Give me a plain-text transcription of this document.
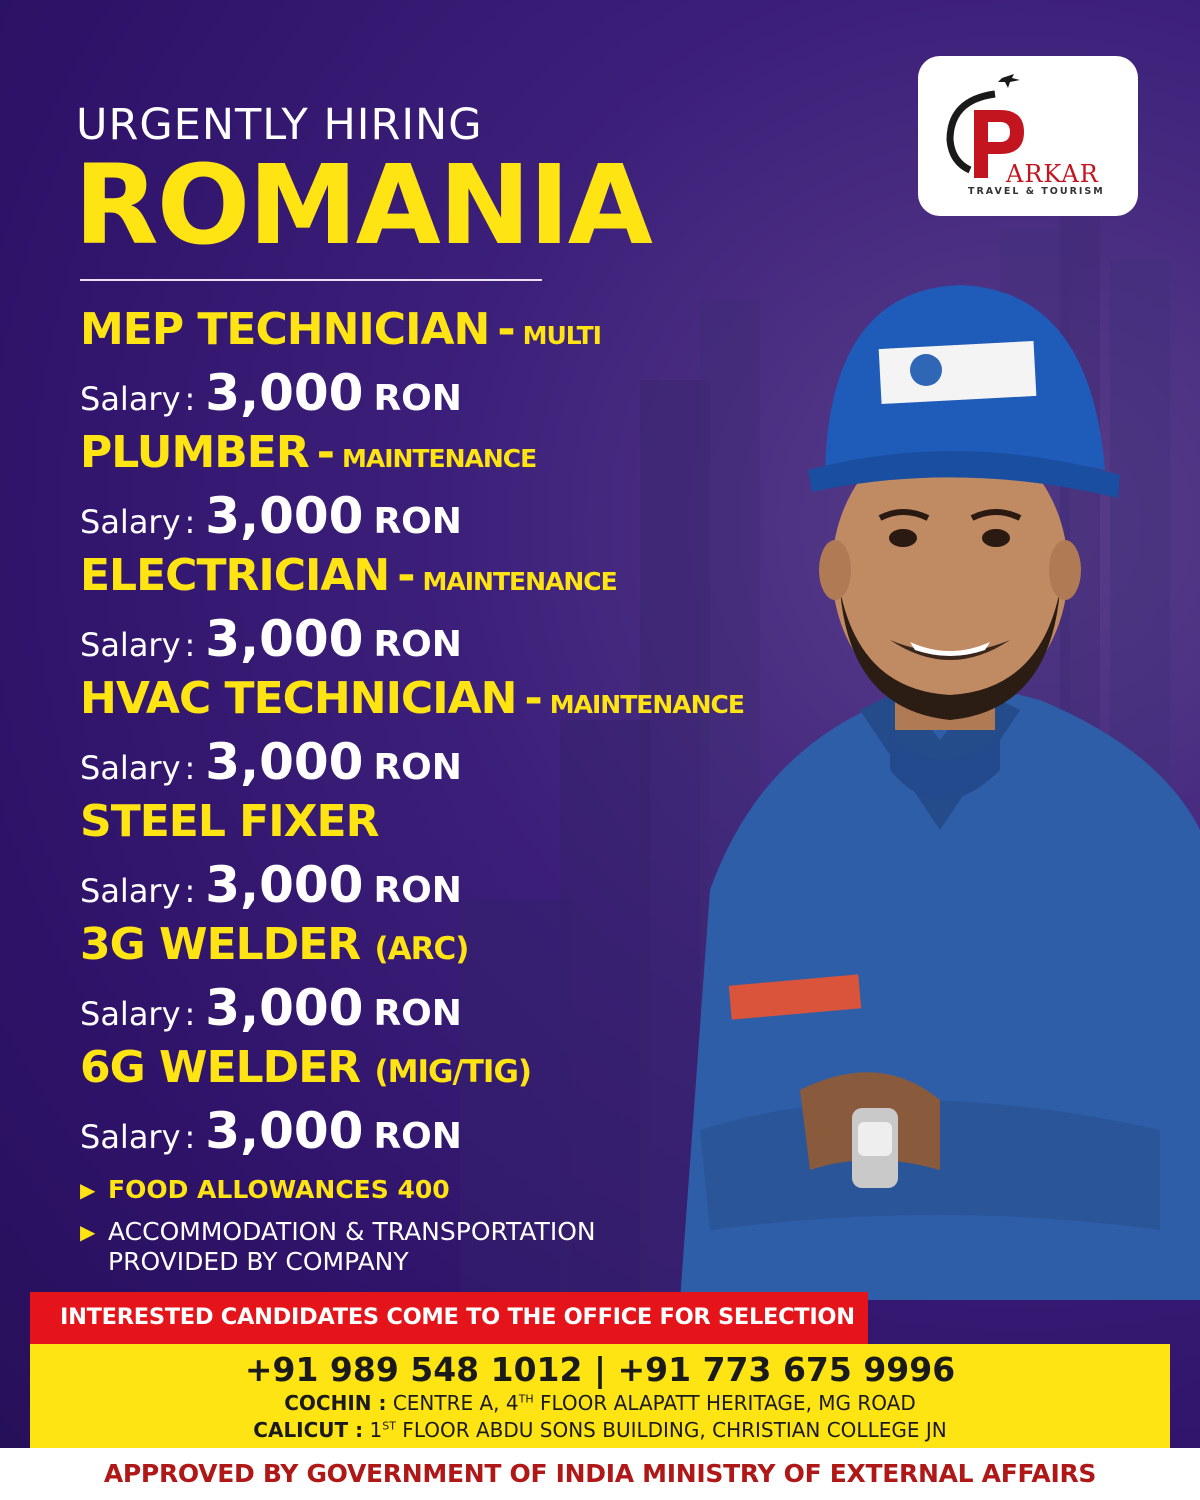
ARKAR
TRAVEL & TOURISM
URGENTLY HIRING
ROMANIA
MEP TECHNICIAN - MULTI
Salary : 3,000 RON
PLUMBER - MAINTENANCE
Salary : 3,000 RON
ELECTRICIAN - MAINTENANCE
Salary : 3,000 RON
HVAC TECHNICIAN - MAINTENANCE
Salary : 3,000 RON
STEEL FIXER
Salary : 3,000 RON
3G WELDER (ARC)
Salary : 3,000 RON
6G WELDER (MIG/TIG)
Salary : 3,000 RON
▶ FOOD ALLOWANCES 400
▶ ACCOMMODATION & TRANSPORTATION
PROVIDED BY COMPANY
INTERESTED CANDIDATES COME TO THE OFFICE FOR SELECTION
+91 989 548 1012 | +91 773 675 9996
COCHIN : CENTRE A, 4TH FLOOR ALAPATT HERITAGE, MG ROAD
CALICUT : 1ST FLOOR ABDU SONS BUILDING, CHRISTIAN COLLEGE JN
APPROVED BY GOVERNMENT OF INDIA MINISTRY OF EXTERNAL AFFAIRS
